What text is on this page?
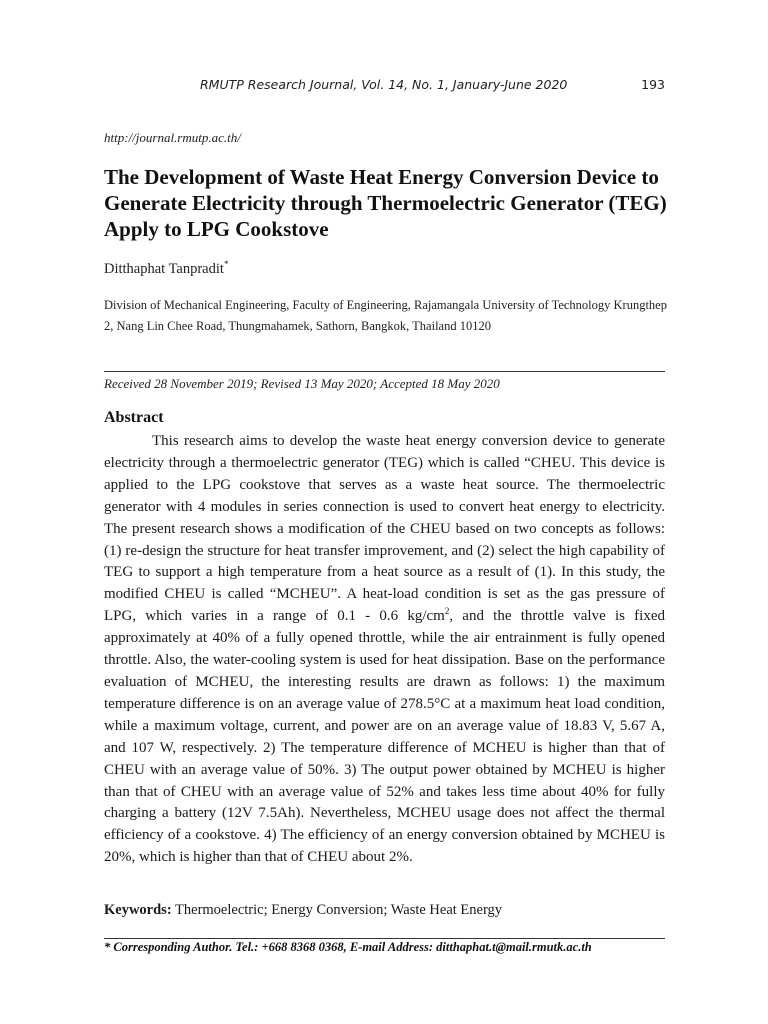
RMUTP Research Journal, Vol. 14, No. 1, January-June 2020	193
http://journal.rmutp.ac.th/
The Development of Waste Heat Energy Conversion Device to Generate Electricity through Thermoelectric Generator (TEG) Apply to LPG Cookstove
Ditthaphat Tanpradit*
Division of Mechanical Engineering, Faculty of Engineering, Rajamangala University of Technology Krungthep
2, Nang Lin Chee Road, Thungmahamek, Sathorn, Bangkok, Thailand 10120
Received 28 November 2019; Revised 13 May 2020; Accepted 18 May 2020
Abstract
This research aims to develop the waste heat energy conversion device to generate electricity through a thermoelectric generator (TEG) which is called “CHEU. This device is applied to the LPG cookstove that serves as a waste heat source. The thermoelectric generator with 4 modules in series connection is used to convert heat energy to electricity. The present research shows a modification of the CHEU based on two concepts as follows: (1) re-design the structure for heat transfer improvement, and (2) select the high capability of TEG to support a high temperature from a heat source as a result of (1). In this study, the modified CHEU is called “MCHEU”. A heat-load condition is set as the gas pressure of LPG, which varies in a range of 0.1 - 0.6 $kg/cm^2$, and the throttle valve is fixed approximately at 40% of a fully opened throttle, while the air entrainment is fully opened throttle. Also, the water-cooling system is used for heat dissipation. Base on the performance evaluation of MCHEU, the interesting results are drawn as follows: 1) the maximum temperature difference is on an average value of 278.5°C at a maximum heat load condition, while a maximum voltage, current, and power are on an average value of 18.83 V, 5.67 A, and 107 W, respectively. 2) The temperature difference of MCHEU is higher than that of CHEU with an average value of 50%. 3) The output power obtained by MCHEU is higher than that of CHEU with an average value of 52% and takes less time about 40% for fully charging a battery (12V 7.5Ah). Nevertheless, MCHEU usage does not affect the thermal efficiency of a cookstove. 4) The efficiency of an energy conversion obtained by MCHEU is 20%, which is higher than that of CHEU about 2%.
Keywords: Thermoelectric; Energy Conversion; Waste Heat Energy
* Corresponding Author. Tel.: +668 8368 0368, E-mail Address: ditthaphat.t@mail.rmutk.ac.th
